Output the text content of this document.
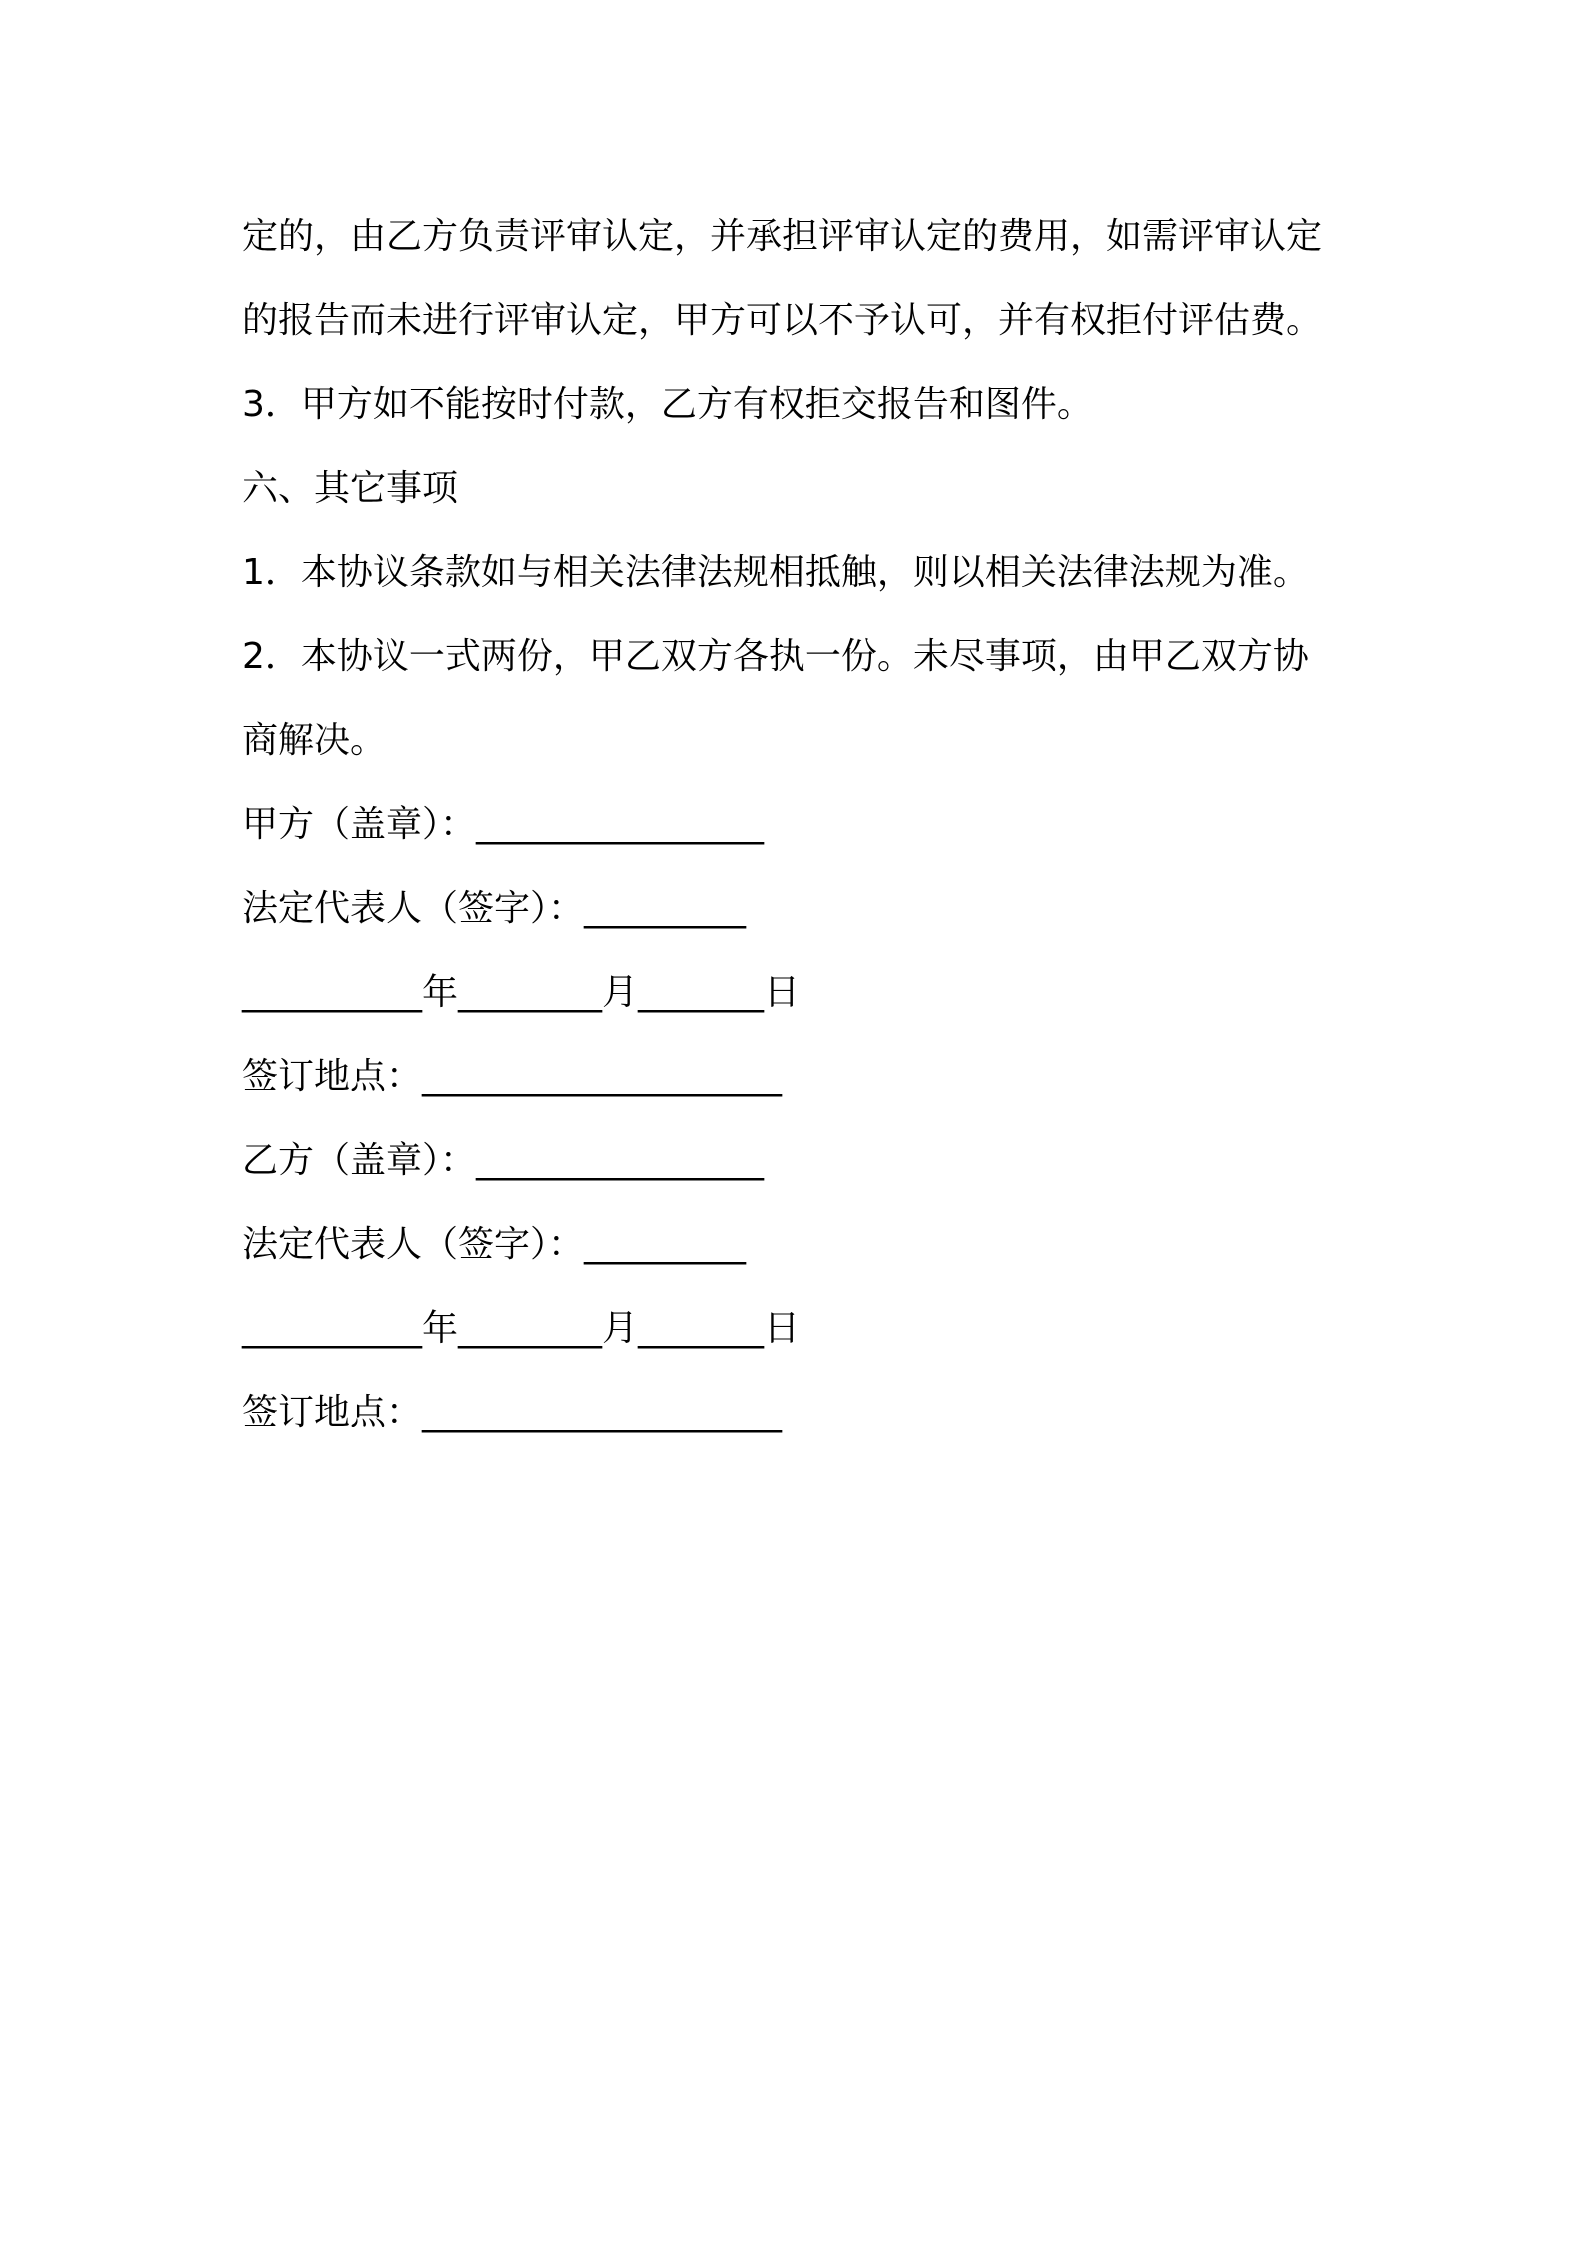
定的，由乙方负责评审认定，并承担评审认定的费用，如需评审认定
的报告而未进行评审认定，甲方可以不予认可，并有权拒付评估费。
3．甲方如不能按时付款，乙方有权拒交报告和图件。
六、其它事项
1．本协议条款如与相关法律法规相抵触，则以相关法律法规为准。
2．本协议一式两份，甲乙双方各执一份。未尽事项，由甲乙双方协
商解决。
甲方（盖章）：________________
法定代表人（签字）：_________
__________年________月_______日
签订地点：____________________
乙方（盖章）：________________
法定代表人（签字）：_________
__________年________月_______日
签订地点：____________________
